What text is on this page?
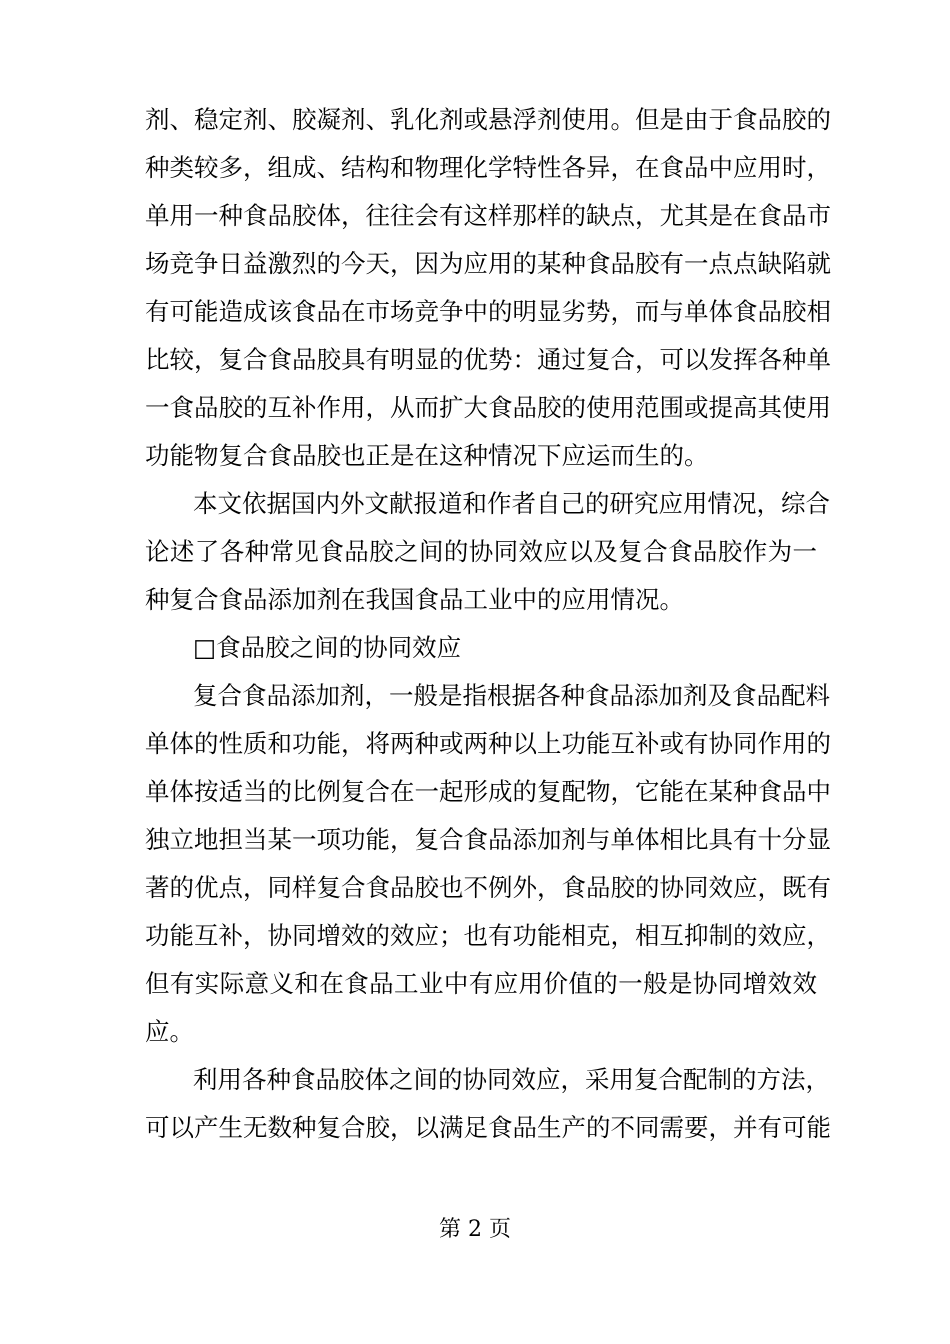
剂、稳定剂、胶凝剂、乳化剂或悬浮剂使用。但是由于食品胶的
种类较多，组成、结构和物理化学特性各异，在食品中应用时，
单用一种食品胶体，往往会有这样那样的缺点，尤其是在食品市
场竞争日益激烈的今天，因为应用的某种食品胶有一点点缺陷就
有可能造成该食品在市场竞争中的明显劣势，而与单体食品胶相
比较，复合食品胶具有明显的优势：通过复合，可以发挥各种单
一食品胶的互补作用，从而扩大食品胶的使用范围或提高其使用
功能物复合食品胶也正是在这种情况下应运而生的。
本文依据国内外文献报道和作者自己的研究应用情况，综合
论述了各种常见食品胶之间的协同效应以及复合食品胶作为一
种复合食品添加剂在我国食品工业中的应用情况。
□食品胶之间的协同效应
复合食品添加剂，一般是指根据各种食品添加剂及食品配料
单体的性质和功能，将两种或两种以上功能互补或有协同作用的
单体按适当的比例复合在一起形成的复配物，它能在某种食品中
独立地担当某一项功能，复合食品添加剂与单体相比具有十分显
著的优点，同样复合食品胶也不例外，食品胶的协同效应，既有
功能互补，协同增效的效应；也有功能相克，相互抑制的效应，
但有实际意义和在食品工业中有应用价值的一般是协同增效效
应。
利用各种食品胶体之间的协同效应，采用复合配制的方法，
可以产生无数种复合胶，以满足食品生产的不同需要，并有可能
第 2 页
